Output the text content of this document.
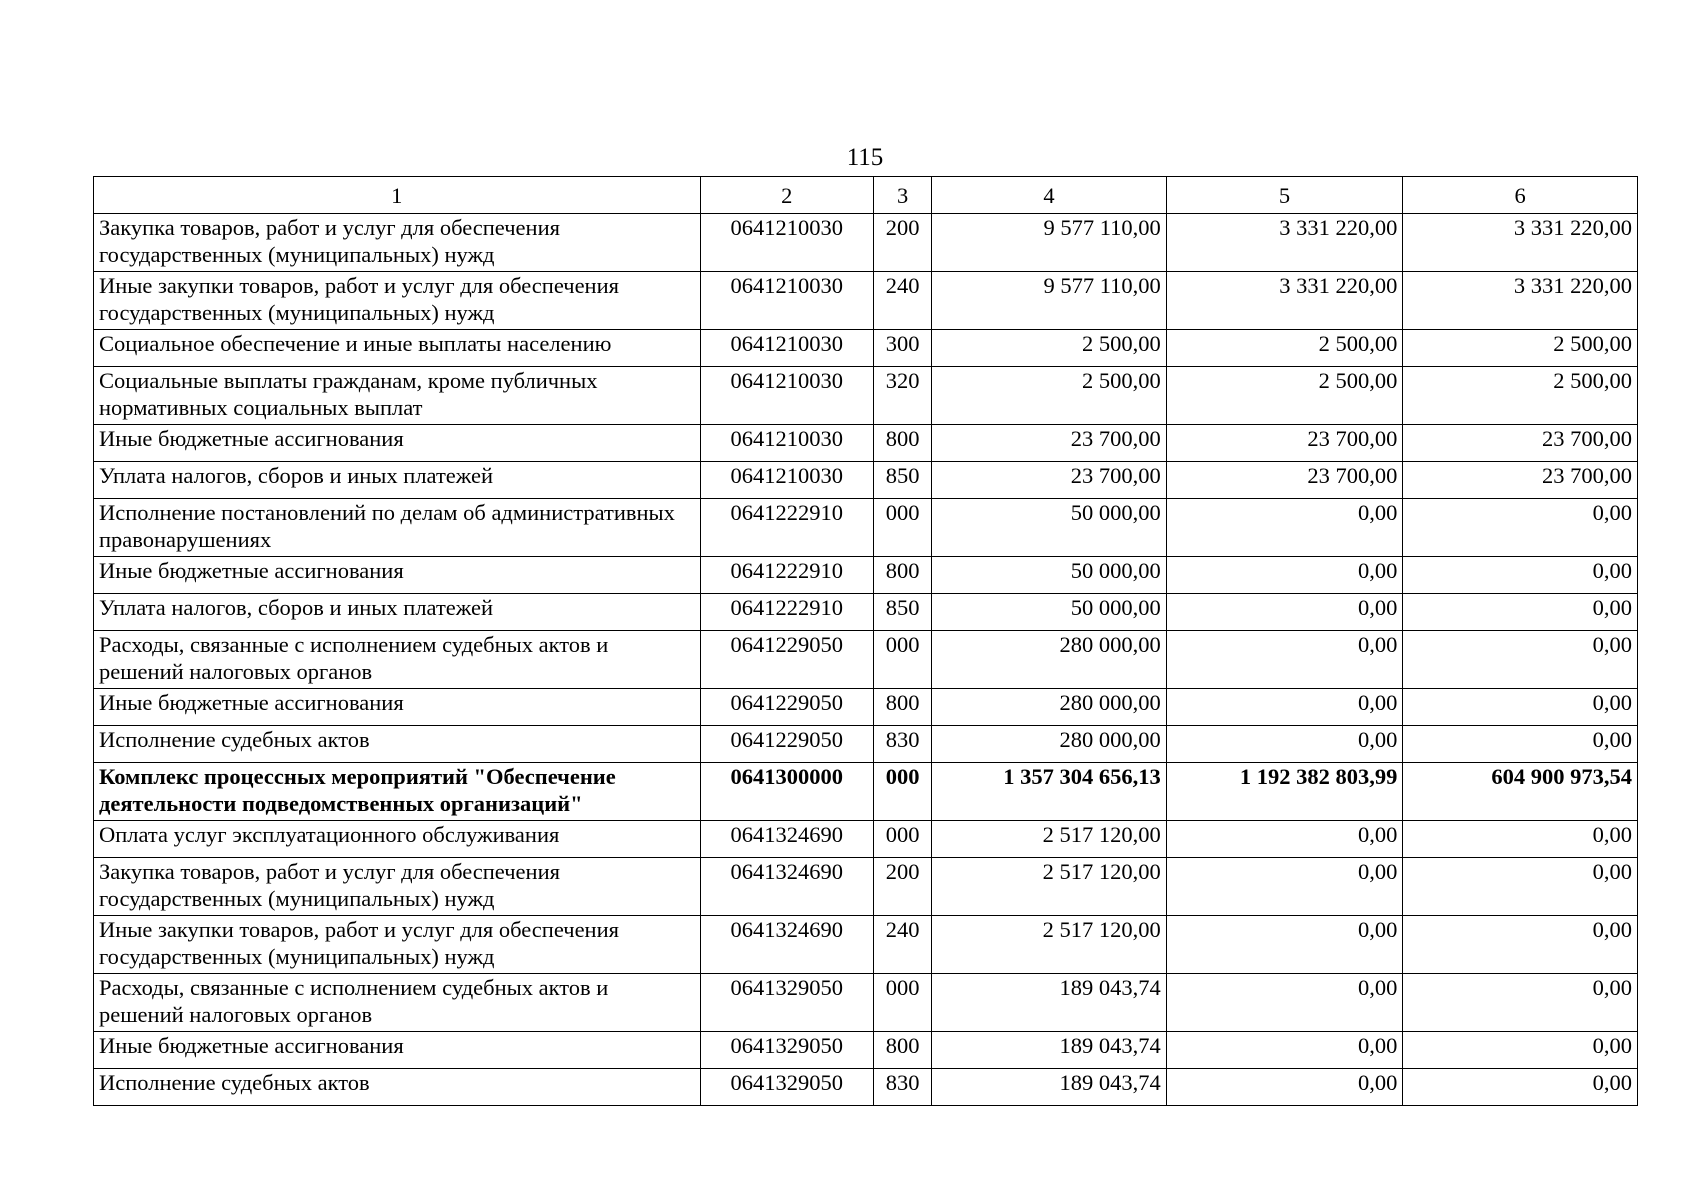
115
1	2	3	4	5	6
Закупка товаров, работ и услуг для обеспечения государственных (муниципальных) нужд	0641210030	200	9 577 110,00	3 331 220,00	3 331 220,00
Иные закупки товаров, работ и услуг для обеспечения государственных (муниципальных) нужд	0641210030	240	9 577 110,00	3 331 220,00	3 331 220,00
Социальное обеспечение и иные выплаты населению	0641210030	300	2 500,00	2 500,00	2 500,00
Социальные выплаты гражданам, кроме публичных нормативных социальных выплат	0641210030	320	2 500,00	2 500,00	2 500,00
Иные бюджетные ассигнования	0641210030	800	23 700,00	23 700,00	23 700,00
Уплата налогов, сборов и иных платежей	0641210030	850	23 700,00	23 700,00	23 700,00
Исполнение постановлений по делам об административных правонарушениях	0641222910	000	50 000,00	0,00	0,00
Иные бюджетные ассигнования	0641222910	800	50 000,00	0,00	0,00
Уплата налогов, сборов и иных платежей	0641222910	850	50 000,00	0,00	0,00
Расходы, связанные с исполнением судебных актов и решений налоговых органов	0641229050	000	280 000,00	0,00	0,00
Иные бюджетные ассигнования	0641229050	800	280 000,00	0,00	0,00
Исполнение судебных актов	0641229050	830	280 000,00	0,00	0,00
Комплекс процессных мероприятий "Обеспечение деятельности подведомственных организаций"	0641300000	000	1 357 304 656,13	1 192 382 803,99	604 900 973,54
Оплата услуг эксплуатационного обслуживания	0641324690	000	2 517 120,00	0,00	0,00
Закупка товаров, работ и услуг для обеспечения государственных (муниципальных) нужд	0641324690	200	2 517 120,00	0,00	0,00
Иные закупки товаров, работ и услуг для обеспечения государственных (муниципальных) нужд	0641324690	240	2 517 120,00	0,00	0,00
Расходы, связанные с исполнением судебных актов и решений налоговых органов	0641329050	000	189 043,74	0,00	0,00
Иные бюджетные ассигнования	0641329050	800	189 043,74	0,00	0,00
Исполнение судебных актов	0641329050	830	189 043,74	0,00	0,00
